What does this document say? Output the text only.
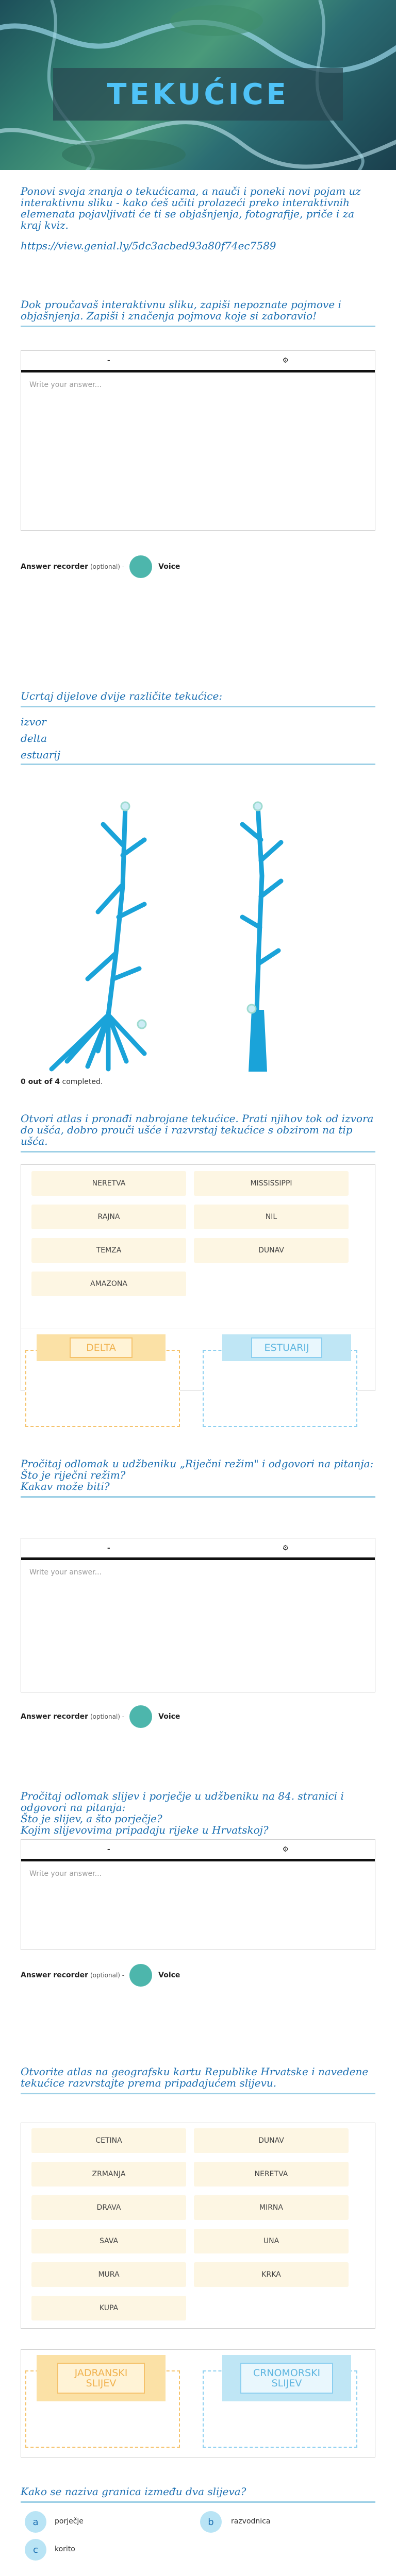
TEKUĆICE

Ponovi svoja znanja o tekućicama, a nauči i poneki novi pojam uz interaktivnu sliku - kako ćeš učiti prolazeći preko interaktivnih elemenata pojavljivati će ti se objašnjenja, fotografije, priče i za kraj kviz.

https://view.genial.ly/5dc3acbed93a80f74ec7589

Dok proučavaš interaktivnu sliku, zapiši nepoznate pojmove i objašnjenja. Zapiši i značenja pojmova koje si zaboravio!

-	⚙
Write your answer...
Answer recorder (optional) -	Voice

Ucrtaj dijelove dvije različite tekućice:

izvor

delta

estuarij

0 out of 4 completed.

Otvori atlas i pronađi nabrojane tekućice. Prati njihov tok od izvora do ušća, dobro prouči ušće i razvrstaj tekućice s obzirom na tip ušća.

NERETVA	MISSISSIPPI
RAJNA	NIL
TEMZA	DUNAV
AMAZONA
DELTA	ESTUARIJ

Pročitaj odlomak u udžbeniku „Riječni režim" i odgovori na pitanja:
Što je riječni režim?
Kakav može biti?

-	⚙
Write your answer...
Answer recorder (optional) -	Voice

Pročitaj odlomak slijev i porječje u udžbeniku na 84. stranici i odgovori na pitanja:
Što je slijev, a što porječje?
Kojim slijevovima pripadaju rijeke u Hrvatskoj?

-	⚙
Write your answer...
Answer recorder (optional) -	Voice

Otvorite atlas na geografsku kartu Republike Hrvatske i navedene tekućice razvrstajte prema pripadajućem slijevu.

CETINA	DUNAV
ZRMANJA	NERETVA
DRAVA	MIRNA
SAVA	UNA
MURA	KRKA
KUPA
JADRANSKI SLIJEV
CRNOMORSKI SLIJEV

Kako se naziva granica između dva slijeva?

a	porječje	b	razvodnica
c	korito
